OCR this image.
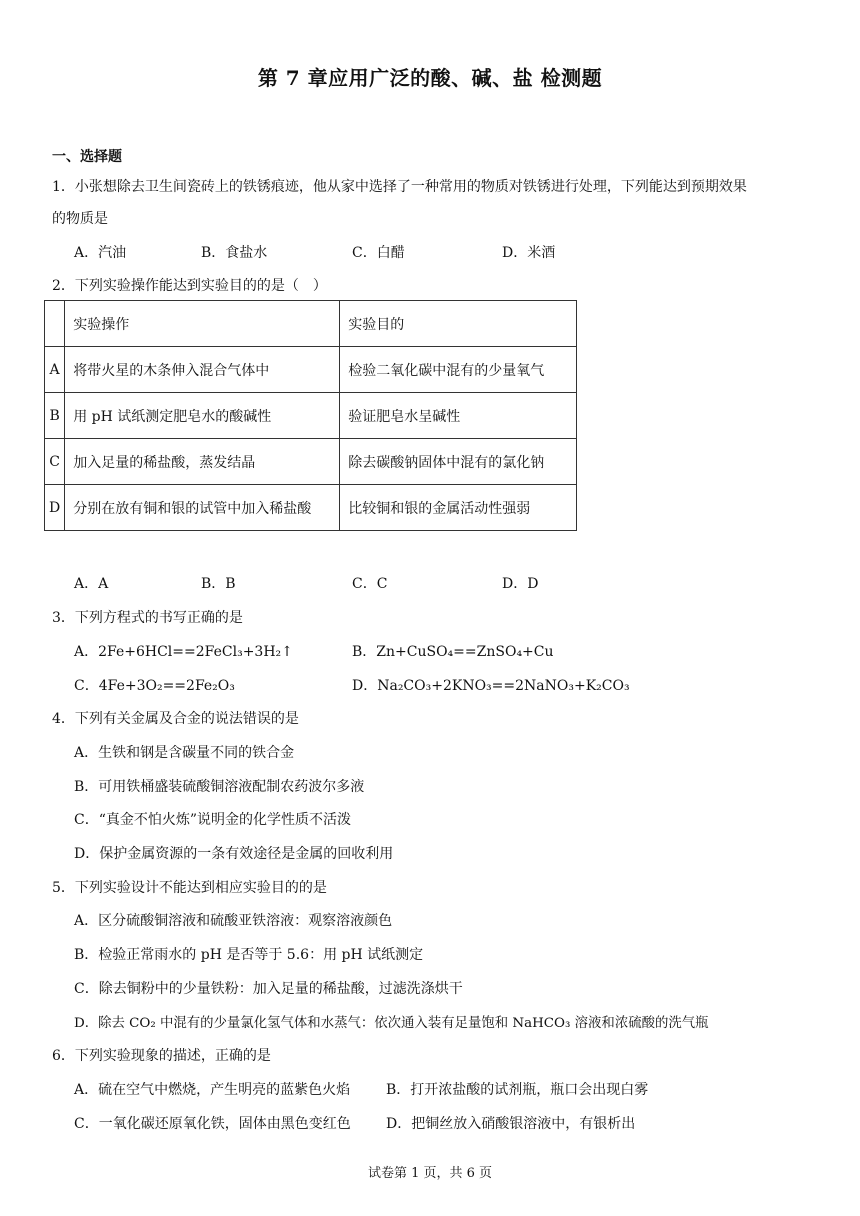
第 7 章应用广泛的酸、碱、盐 检测题
一、选择题
1．小张想除去卫生间瓷砖上的铁锈痕迹，他从家中选择了一种常用的物质对铁锈进行处理，下列能达到预期效果
的物质是
A．汽油	B．食盐水	C．白醋	D．米酒
2．下列实验操作能达到实验目的的是（　）
	实验操作	实验目的
A	将带火星的木条伸入混合气体中	检验二氧化碳中混有的少量氧气
B	用 pH 试纸测定肥皂水的酸碱性	验证肥皂水呈碱性
C	加入足量的稀盐酸，蒸发结晶	除去碳酸钠固体中混有的氯化钠
D	分别在放有铜和银的试管中加入稀盐酸	比较铜和银的金属活动性强弱
A．A	B．B	C．C	D．D
3．下列方程式的书写正确的是
A．2Fe+6HCl==2FeCl₃+3H₂↑	B．Zn+CuSO₄==ZnSO₄+Cu
C．4Fe+3O₂==2Fe₂O₃	D．Na₂CO₃+2KNO₃==2NaNO₃+K₂CO₃
4．下列有关金属及合金的说法错误的是
A．生铁和钢是含碳量不同的铁合金
B．可用铁桶盛装硫酸铜溶液配制农药波尔多液
C．“真金不怕火炼”说明金的化学性质不活泼
D．保护金属资源的一条有效途径是金属的回收利用
5．下列实验设计不能达到相应实验目的的是
A．区分硫酸铜溶液和硫酸亚铁溶液：观察溶液颜色
B．检验正常雨水的 pH 是否等于 5.6：用 pH 试纸测定
C．除去铜粉中的少量铁粉：加入足量的稀盐酸，过滤洗涤烘干
D．除去 CO₂ 中混有的少量氯化氢气体和水蒸气：依次通入装有足量饱和 NaHCO₃ 溶液和浓硫酸的洗气瓶
6．下列实验现象的描述，正确的是
A．硫在空气中燃烧，产生明亮的蓝紫色火焰	B．打开浓盐酸的试剂瓶，瓶口会出现白雾
C．一氧化碳还原氧化铁，固体由黑色变红色	D．把铜丝放入硝酸银溶液中，有银析出
试卷第 1 页，共 6 页
